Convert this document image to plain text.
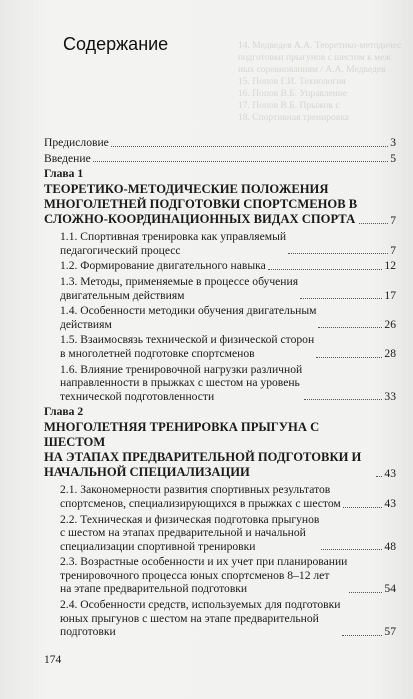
14. Медведев А.А. Теоретико-методичес
подготовки прыгунов с шестом к меж
ных соревнованиям / А.А. Медведев
15. Попов Г.И. Технология
16. Попов В.Б. Управление
17. Попов В.Б. Прыжок с
18. Спортивная тренировка
Содержание
Предисловие	3
Введение	5
Глава 1
ТЕОРЕТИКО-МЕТОДИЧЕСКИЕ ПОЛОЖЕНИЯ
МНОГОЛЕТНЕЙ ПОДГОТОВКИ СПОРТСМЕНОВ В
СЛОЖНО-КООРДИНАЦИОННЫХ ВИДАХ СПОРТА	7
1.1. Спортивная тренировка как управляемый
педагогический процесс	7
1.2. Формирование двигательного навыка	12
1.3. Методы, применяемые в процессе обучения
двигательным действиям	17
1.4. Особенности методики обучения двигательным
действиям	26
1.5. Взаимосвязь технической и физической сторон
в многолетней подготовке спортсменов	28
1.6. Влияние тренировочной нагрузки различной
направленности в прыжках с шестом на уровень
технической подготовленности	33
Глава 2
МНОГОЛЕТНЯЯ ТРЕНИРОВКА ПРЫГУНА С ШЕСТОМ
НА ЭТАПАХ ПРЕДВАРИТЕЛЬНОЙ ПОДГОТОВКИ И
НАЧАЛЬНОЙ СПЕЦИАЛИЗАЦИИ	43
2.1. Закономерности развития спортивных результатов
спортсменов, специализирующихся в прыжках с шестом	43
2.2. Техническая и физическая подготовка прыгунов
с шестом на этапах предварительной и начальной
специализации спортивной тренировки	48
2.3. Возрастные особенности и их учет при планировании
тренировочного процесса юных спортсменов 8–12 лет
на этапе предварительной подготовки	54
2.4. Особенности средств, используемых для подготовки
юных прыгунов с шестом на этапе предварительной
подготовки	57
174
